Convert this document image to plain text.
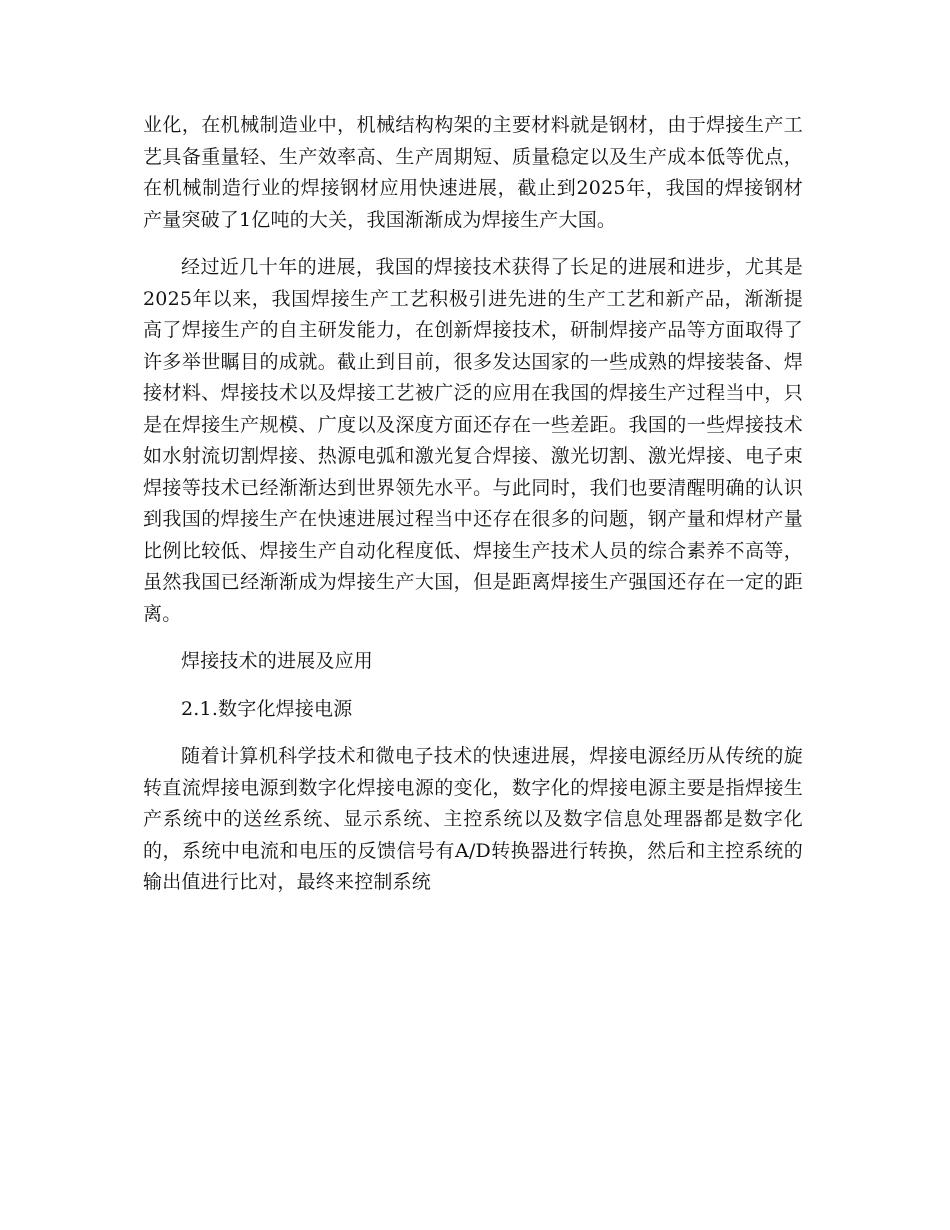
业化，在机械制造业中，机械结构构架的主要材料就是钢材，由于焊接生产工艺具备重量轻、生产效率高、生产周期短、质量稳定以及生产成本低等优点，在机械制造行业的焊接钢材应用快速进展，截止到2025年，我国的焊接钢材产量突破了1亿吨的大关，我国渐渐成为焊接生产大国。

经过近几十年的进展，我国的焊接技术获得了长足的进展和进步，尤其是2025年以来，我国焊接生产工艺积极引进先进的生产工艺和新产品，渐渐提高了焊接生产的自主研发能力，在创新焊接技术，研制焊接产品等方面取得了许多举世瞩目的成就。截止到目前，很多发达国家的一些成熟的焊接装备、焊接材料、焊接技术以及焊接工艺被广泛的应用在我国的焊接生产过程当中，只是在焊接生产规模、广度以及深度方面还存在一些差距。我国的一些焊接技术如水射流切割焊接、热源电弧和激光复合焊接、激光切割、激光焊接、电子束焊接等技术已经渐渐达到世界领先水平。与此同时，我们也要清醒明确的认识到我国的焊接生产在快速进展过程当中还存在很多的问题，钢产量和焊材产量比例比较低、焊接生产自动化程度低、焊接生产技术人员的综合素养不高等，虽然我国已经渐渐成为焊接生产大国，但是距离焊接生产强国还存在一定的距离。

焊接技术的进展及应用

2.1.数字化焊接电源

随着计算机科学技术和微电子技术的快速进展，焊接电源经历从传统的旋转直流焊接电源到数字化焊接电源的变化，数字化的焊接电源主要是指焊接生产系统中的送丝系统、显示系统、主控系统以及数字信息处理器都是数字化的，系统中电流和电压的反馈信号有A/D转换器进行转换，然后和主控系统的输出值进行比对，最终来控制系统
